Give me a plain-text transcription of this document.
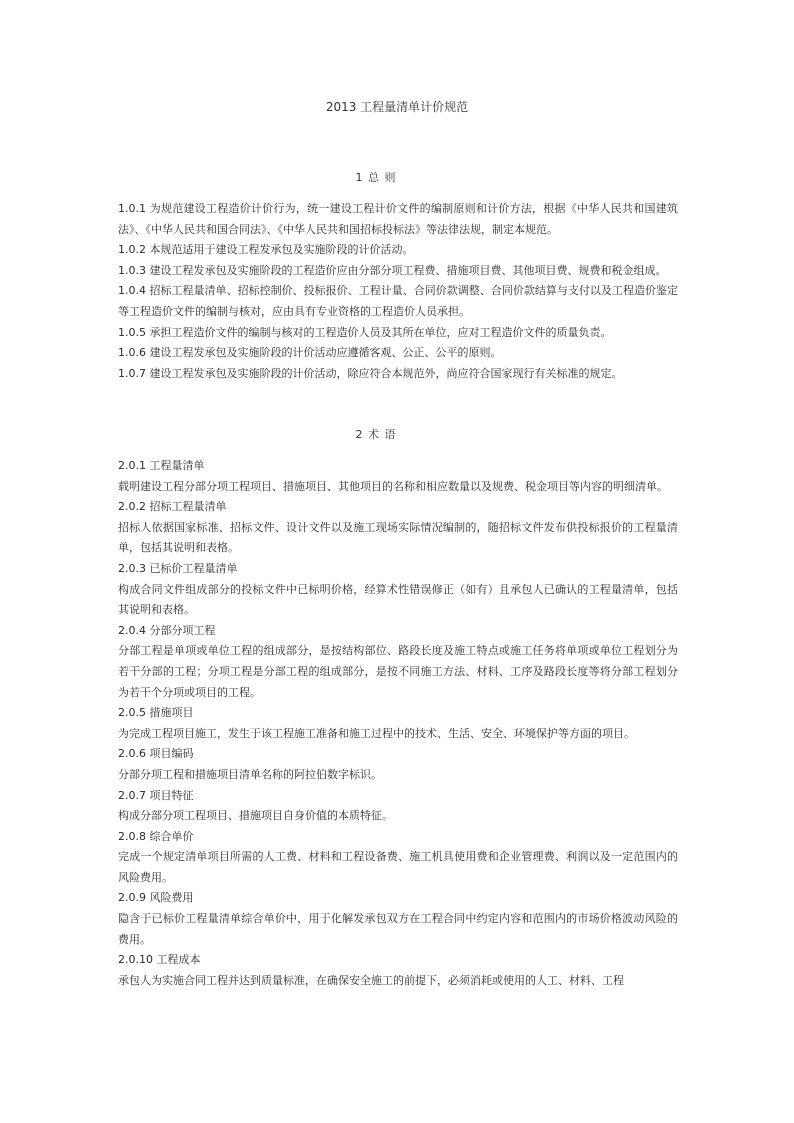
2013 工程量清单计价规范
1 总 则

1.0.1 为规范建设工程造价计价行为，统一建设工程计价文件的编制原则和计价方法，根据《中华人民共和国建筑法》、《中华人民共和国合同法》、《中华人民共和国招标投标法》等法律法规，制定本规范。

1.0.2 本规范适用于建设工程发承包及实施阶段的计价活动。

1.0.3 建设工程发承包及实施阶段的工程造价应由分部分项工程费、措施项目费、其他项目费、规费和税金组成。

1.0.4 招标工程量清单、招标控制价、投标报价、工程计量、合同价款调整、合同价款结算与支付以及工程造价鉴定等工程造价文件的编制与核对，应由具有专业资格的工程造价人员承担。

1.0.5 承担工程造价文件的编制与核对的工程造价人员及其所在单位，应对工程造价文件的质量负责。

1.0.6 建设工程发承包及实施阶段的计价活动应遵循客观、公正、公平的原则。

1.0.7 建设工程发承包及实施阶段的计价活动，除应符合本规范外，尚应符合国家现行有关标准的规定。

2 术 语

2.0.1 工程量清单

载明建设工程分部分项工程项目、措施项目、其他项目的名称和相应数量以及规费、税金项目等内容的明细清单。

2.0.2 招标工程量清单

招标人依据国家标准、招标文件、设计文件以及施工现场实际情况编制的，随招标文件发布供投标报价的工程量清单，包括其说明和表格。

2.0.3 已标价工程量清单

构成合同文件组成部分的投标文件中已标明价格，经算术性错误修正（如有）且承包人已确认的工程量清单，包括其说明和表格。

2.0.4 分部分项工程

分部工程是单项或单位工程的组成部分，是按结构部位、路段长度及施工特点或施工任务将单项或单位工程划分为若干分部的工程；分项工程是分部工程的组成部分，是按不同施工方法、材料、工序及路段长度等将分部工程划分为若干个分项或项目的工程。

2.0.5 措施项目

为完成工程项目施工，发生于该工程施工准备和施工过程中的技术、生活、安全、环境保护等方面的项目。

2.0.6 项目编码

分部分项工程和措施项目清单名称的阿拉伯数字标识。

2.0.7 项目特征

构成分部分项工程项目、措施项目自身价值的本质特征。

2.0.8 综合单价

完成一个规定清单项目所需的人工费、材料和工程设备费、施工机具使用费和企业管理费、利润以及一定范围内的风险费用。

2.0.9 风险费用

隐含于已标价工程量清单综合单价中，用于化解发承包双方在工程合同中约定内容和范围内的市场价格波动风险的费用。

2.0.10 工程成本

承包人为实施合同工程并达到质量标准，在确保安全施工的前提下，必须消耗或使用的人工、材料、工程
